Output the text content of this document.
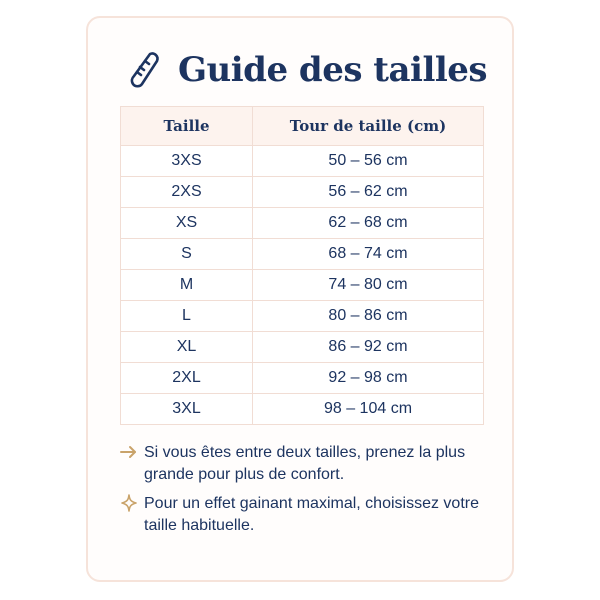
Guide des tailles
Taille	Tour de taille (cm)
3XS	50 – 56 cm
2XS	56 – 62 cm
XS	62 – 68 cm
S	68 – 74 cm
M	74 – 80 cm
L	80 – 86 cm
XL	86 – 92 cm
2XL	92 – 98 cm
3XL	98 – 104 cm
Si vous êtes entre deux tailles, prenez la plus grande pour plus de confort.
Pour un effet gainant maximal, choisissez votre taille habituelle.
